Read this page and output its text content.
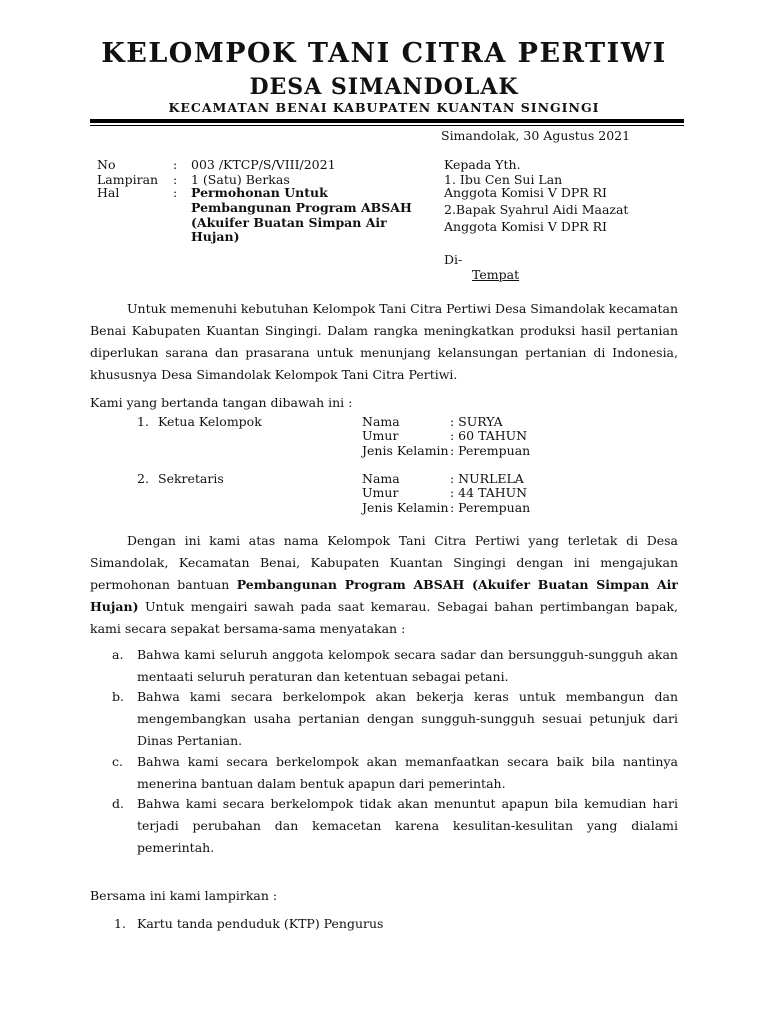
KELOMPOK TANI CITRA PERTIWI
DESA SIMANDOLAK
KECAMATAN BENAI KABUPATEN KUANTAN SINGINGI
Simandolak, 30 Agustus 2021
No	: 003 /KTCP/S/VIII/2021
Lampiran : 1 (Satu) Berkas
Hal	: Permohonan Untuk
Pembangunan Program ABSAH
(Akuifer Buatan Simpan Air
Hujan)
Kepada Yth.
1. Ibu Cen Sui Lan
Anggota Komisi V DPR RI
2.Bapak Syahrul Aidi Maazat
Anggota Komisi V DPR RI
Di-
Tempat
Untuk memenuhi kebutuhan Kelompok Tani Citra Pertiwi Desa Simandolak kecamatan Benai Kabupaten Kuantan Singingi. Dalam rangka meningkatkan produksi hasil pertanian diperlukan sarana dan prasarana untuk menunjang kelansungan pertanian di Indonesia, khususnya Desa Simandolak Kelompok Tani Citra Pertiwi.
Kami yang bertanda tangan dibawah ini :
1. Ketua Kelompok	Nama	: SURYA
Umur	: 60 TAHUN
Jenis Kelamin : Perempuan
2. Sekretaris	Nama	: NURLELA
Umur	: 44 TAHUN
Jenis Kelamin : Perempuan
Dengan ini kami atas nama Kelompok Tani Citra Pertiwi yang terletak di Desa Simandolak, Kecamatan Benai, Kabupaten Kuantan Singingi dengan ini mengajukan permohonan bantuan Pembangunan Program ABSAH (Akuifer Buatan Simpan Air Hujan) Untuk mengairi sawah pada saat kemarau. Sebagai bahan pertimbangan bapak, kami secara sepakat bersama-sama menyatakan :
a. Bahwa kami seluruh anggota kelompok secara sadar dan bersungguh-sungguh akan mentaati seluruh peraturan dan ketentuan sebagai petani.
b. Bahwa kami secara berkelompok akan bekerja keras untuk membangun dan mengembangkan usaha pertanian dengan sungguh-sungguh sesuai petunjuk dari Dinas Pertanian.
c. Bahwa kami secara berkelompok akan memanfaatkan secara baik bila nantinya menerina bantuan dalam bentuk apapun dari pemerintah.
d. Bahwa kami secara berkelompok tidak akan menuntut apapun bila kemudian hari terjadi perubahan dan kemacetan karena kesulitan-kesulitan yang dialami pemerintah.
Bersama ini kami lampirkan :
1. Kartu tanda penduduk (KTP) Pengurus
